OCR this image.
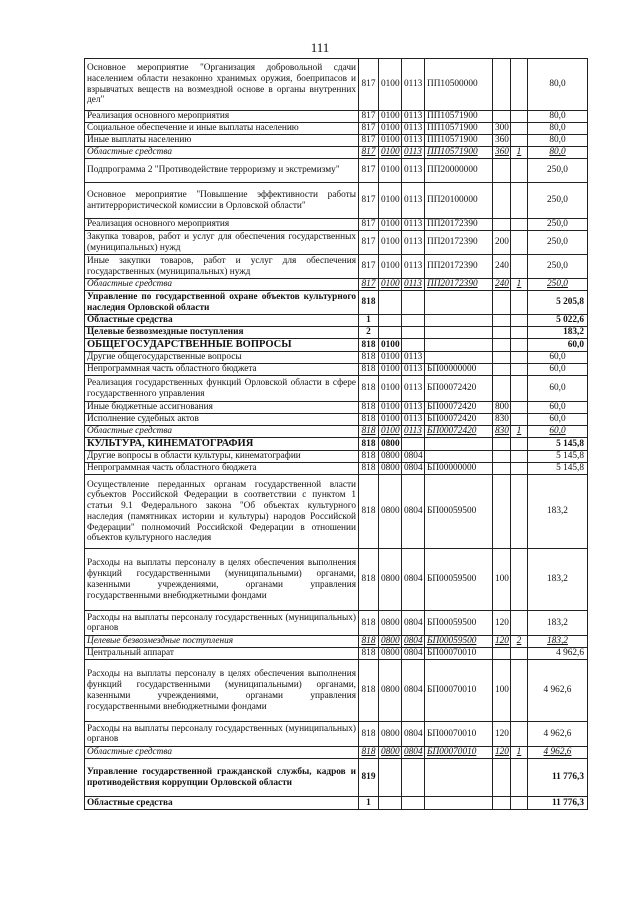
111
Основное мероприятие "Организация добровольной сдачи населением области незаконно хранимых оружия, боеприпасов и взрывчатых веществ на возмездной основе в органы внутренних дел"	817	0100	0113	ПП10500000			80,0
Реализация основного мероприятия	817	0100	0113	ПП10571900			80,0
Социальное обеспечение и иные выплаты населению	817	0100	0113	ПП10571900	300		80,0
Иные выплаты населению	817	0100	0113	ПП10571900	360		80,0
Областные средства	817	0100	0113	ПП10571900	360	1	80,0
Подпрограмма 2 "Противодействие терроризму и экстремизму"	817	0100	0113	ПП20000000			250,0
Основное мероприятие "Повышение эффективности работы антитеррористической комиссии в Орловской области"	817	0100	0113	ПП20100000			250,0
Реализация основного мероприятия	817	0100	0113	ПП20172390			250,0
Закупка товаров, работ и услуг для обеспечения государственных (муниципальных) нужд	817	0100	0113	ПП20172390	200		250,0
Иные закупки товаров, работ и услуг для обеспечения государственных (муниципальных) нужд	817	0100	0113	ПП20172390	240		250,0
Областные средства	817	0100	0113	ПП20172390	240	1	250,0
Управление по государственной охране объектов культурного наследия Орловской области	818						5 205,8
Областные средства	1						5 022,6
Целевые безвозмездные поступления	2						183,2
ОБЩЕГОСУДАРСТВЕННЫЕ ВОПРОСЫ	818	0100					60,0
Другие общегосударственные вопросы	818	0100	0113				60,0
Непрограммная часть областного бюджета	818	0100	0113	БП00000000			60,0
Реализация государственных функций Орловской области в сфере государственного управления	818	0100	0113	БП00072420			60,0
Иные бюджетные ассигнования	818	0100	0113	БП00072420	800		60,0
Исполнение судебных актов	818	0100	0113	БП00072420	830		60,0
Областные средства	818	0100	0113	БП00072420	830	1	60,0
КУЛЬТУРА, КИНЕМАТОГРАФИЯ	818	0800					5 145,8
Другие вопросы в области культуры, кинематографии	818	0800	0804				5 145,8
Непрограммная часть областного бюджета	818	0800	0804	БП00000000			5 145,8
Осуществление переданных органам государственной власти субъектов Российской Федерации в соответствии с пунктом 1 статьи 9.1 Федерального закона "Об объектах культурного наследия (памятниках истории и культуры) народов Российской Федерации" полномочий Российской Федерации в отношении объектов культурного наследия	818	0800	0804	БП00059500			183,2
Расходы на выплаты персоналу в целях обеспечения выполнения функций государственными (муниципальными) органами, казенными учреждениями, органами управления государственными внебюджетными фондами	818	0800	0804	БП00059500	100		183,2
Расходы на выплаты персоналу государственных (муниципальных) органов	818	0800	0804	БП00059500	120		183,2
Целевые безвозмездные поступления	818	0800	0804	БП00059500	120	2	183,2
Центральный аппарат	818	0800	0804	БП00070010			4 962,6
Расходы на выплаты персоналу в целях обеспечения выполнения функций государственными (муниципальными) органами, казенными учреждениями, органами управления государственными внебюджетными фондами	818	0800	0804	БП00070010	100		4 962,6
Расходы на выплаты персоналу государственных (муниципальных) органов	818	0800	0804	БП00070010	120		4 962,6
Областные средства	818	0800	0804	БП00070010	120	1	4 962,6
Управление государственной гражданской службы, кадров и противодействия коррупции Орловской области	819						11 776,3
Областные средства	1						11 776,3
